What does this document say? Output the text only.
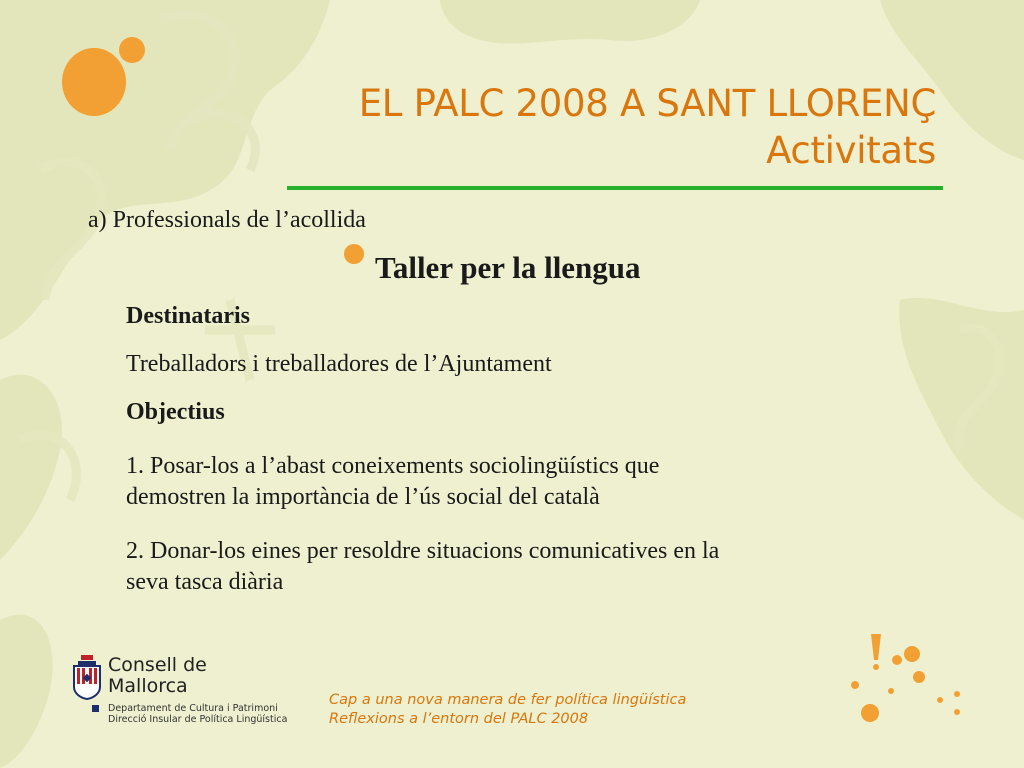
EL PALC 2008 A SANT LLORENÇ
Activitats
a) Professionals de l’acollida
Taller per la llengua
Destinataris
Treballadors i treballadores de l’Ajuntament
Objectius
1. Posar-los a l’abast coneixements sociolingüístics que
demostren la importància de l’ús social del català
2. Donar-los eines per resoldre situacions comunicatives en la
seva tasca diària
Consell de
Mallorca
Departament de Cultura i Patrimoni
Direcció Insular de Política Lingüística
Cap a una nova manera de fer política lingüística
Reflexions a l’entorn del PALC 2008
